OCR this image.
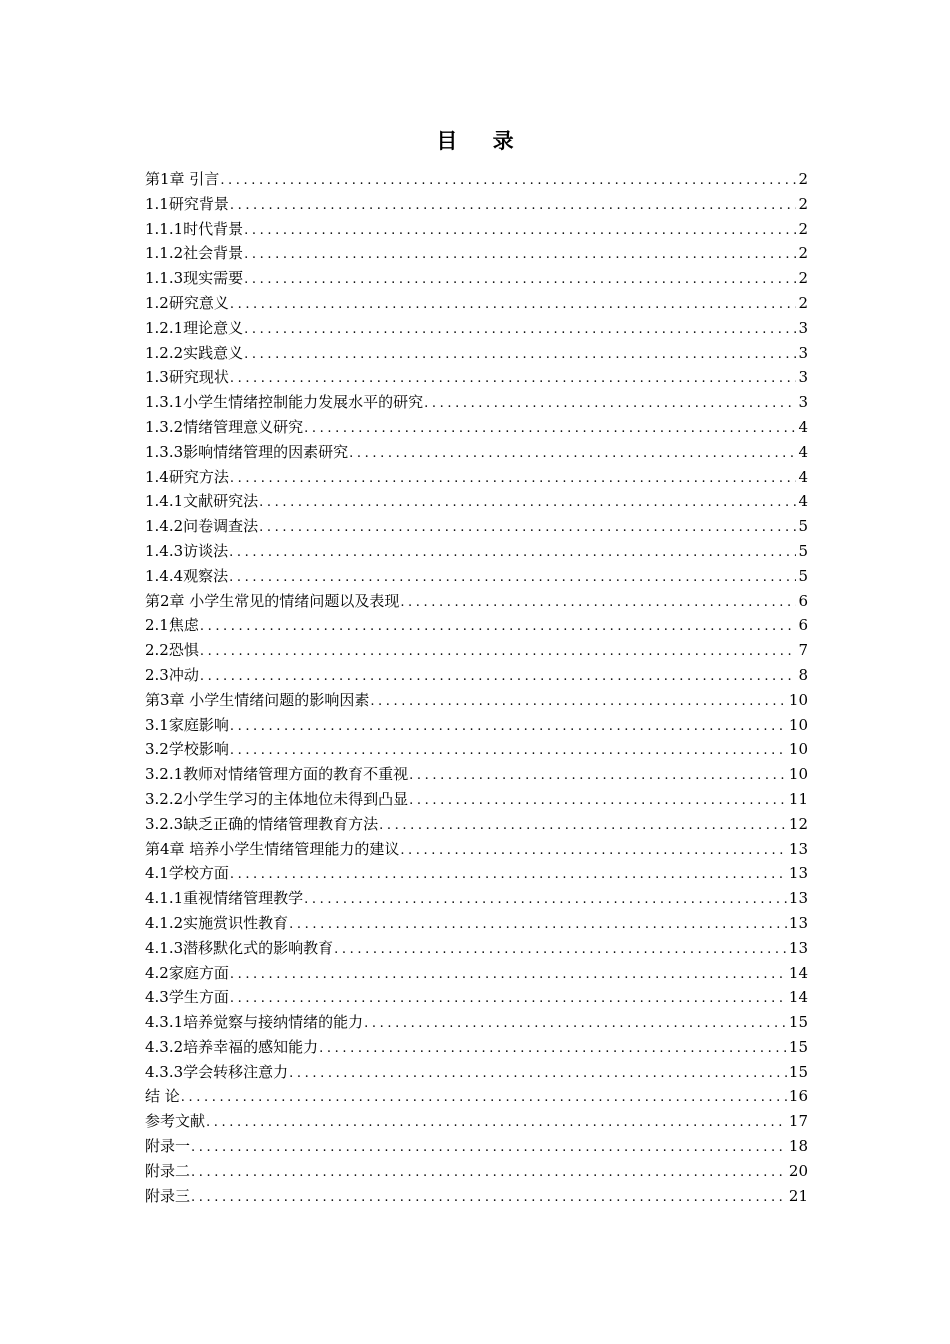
目 录
第1章 引言 .....	2
1.1研究背景 .....	2
1.1.1时代背景 .....	2
1.1.2社会背景 .....	2
1.1.3现实需要 .....	2
1.2研究意义 .....	2
1.2.1理论意义 .....	3
1.2.2实践意义 .....	3
1.3研究现状 .....	3
1.3.1小学生情绪控制能力发展水平的研究 .....	3
1.3.2情绪管理意义研究 .....	4
1.3.3影响情绪管理的因素研究 .....	4
1.4研究方法 .....	4
1.4.1文献研究法 .....	4
1.4.2问卷调查法 .....	5
1.4.3访谈法 .....	5
1.4.4观察法 .....	5
第2章 小学生常见的情绪问题以及表现 .....	6
2.1焦虑 .....	6
2.2恐惧 .....	7
2.3冲动 .....	8
第3章 小学生情绪问题的影响因素 .....	10
3.1家庭影响 .....	10
3.2学校影响 .....	10
3.2.1教师对情绪管理方面的教育不重视 .....	10
3.2.2小学生学习的主体地位未得到凸显 .....	11
3.2.3缺乏正确的情绪管理教育方法 .....	12
第4章 培养小学生情绪管理能力的建议 .....	13
4.1学校方面 .....	13
4.1.1重视情绪管理教学 .....	13
4.1.2实施赏识性教育 .....	13
4.1.3潜移默化式的影响教育 .....	13
4.2家庭方面 .....	14
4.3学生方面 .....	14
4.3.1培养觉察与接纳情绪的能力 .....	15
4.3.2培养幸福的感知能力 .....	15
4.3.3学会转移注意力 .....	15
结 论 .....	16
参考文献 .....	17
附录一 .....	18
附录二 .....	20
附录三 .....	21
